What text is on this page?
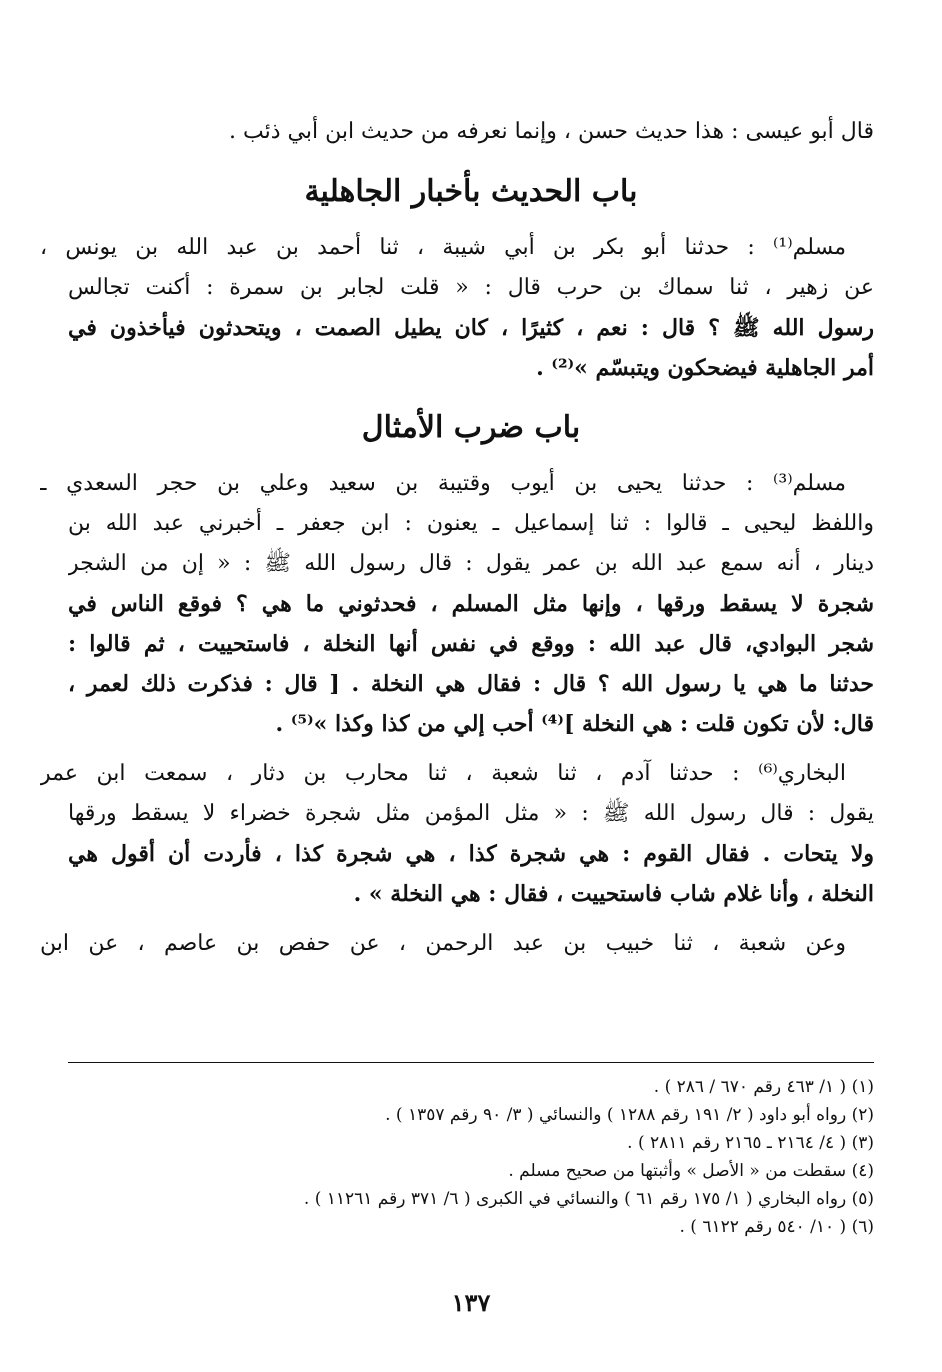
قال أبو عيسى : هذا حديث حسن ، وإنما نعرفه من حديث ابن أبي ذئب .
باب الحديث بأخبار الجاهلية
مسلم⁽¹⁾ : حدثنا أبو بكر بن أبي شيبة ، ثنا أحمد بن عبد الله بن يونس ،
عن زهير ، ثنا سماك بن حرب قال : « قلت لجابر بن سمرة : أكنت تجالس
رسول الله ﷺ ؟ قال : نعم ، كثيرًا ، كان يطيل الصمت ، ويتحدثون فيأخذون في
أمر الجاهلية فيضحكون ويتبسّم »⁽²⁾ .
باب ضرب الأمثال
مسلم⁽³⁾ : حدثنا يحيى بن أيوب وقتيبة بن سعيد وعلي بن حجر السعدي ـ
واللفظ ليحيى ـ قالوا : ثنا إسماعيل ـ يعنون : ابن جعفر ـ أخبرني عبد الله بن
دينار ، أنه سمع عبد الله بن عمر يقول : قال رسول الله ﷺ : « إن من الشجر
شجرة لا يسقط ورقها ، وإنها مثل المسلم ، فحدثوني ما هي ؟ فوقع الناس في
شجر البوادي، قال عبد الله : ووقع في نفس أنها النخلة ، فاستحييت ، ثم قالوا :
حدثنا ما هي يا رسول الله ؟ قال : فقال هي النخلة . [ قال : فذكرت ذلك لعمر ،
قال: لأن تكون قلت : هي النخلة ]⁽⁴⁾ أحب إلي من كذا وكذا »⁽⁵⁾ .
البخاري⁽⁶⁾ : حدثنا آدم ، ثنا شعبة ، ثنا محارب بن دثار ، سمعت ابن عمر
يقول : قال رسول الله ﷺ : « مثل المؤمن مثل شجرة خضراء لا يسقط ورقها
ولا يتحات . فقال القوم : هي شجرة كذا ، هي شجرة كذا ، فأردت أن أقول هي
النخلة ، وأنا غلام شاب فاستحييت ، فقال : هي النخلة » .
وعن شعبة ، ثنا خبيب بن عبد الرحمن ، عن حفص بن عاصم ، عن ابن
(١) ( ١/ ٤٦٣ رقم ٦٧٠ / ٢٨٦ ) .
(٢) رواه أبو داود ( ٢/ ١٩١ رقم ١٢٨٨ ) والنسائي ( ٣/ ٩٠ رقم ١٣٥٧ ) .
(٣) ( ٤/ ٢١٦٤ ـ ٢١٦٥ رقم ٢٨١١ ) .
(٤) سقطت من « الأصل » وأثبتها من صحيح مسلم .
(٥) رواه البخاري ( ١/ ١٧٥ رقم ٦١ ) والنسائي في الكبرى ( ٦/ ٣٧١ رقم ١١٢٦١ ) .
(٦) ( ١٠/ ٥٤٠ رقم ٦١٢٢ ) .
١٣٧
